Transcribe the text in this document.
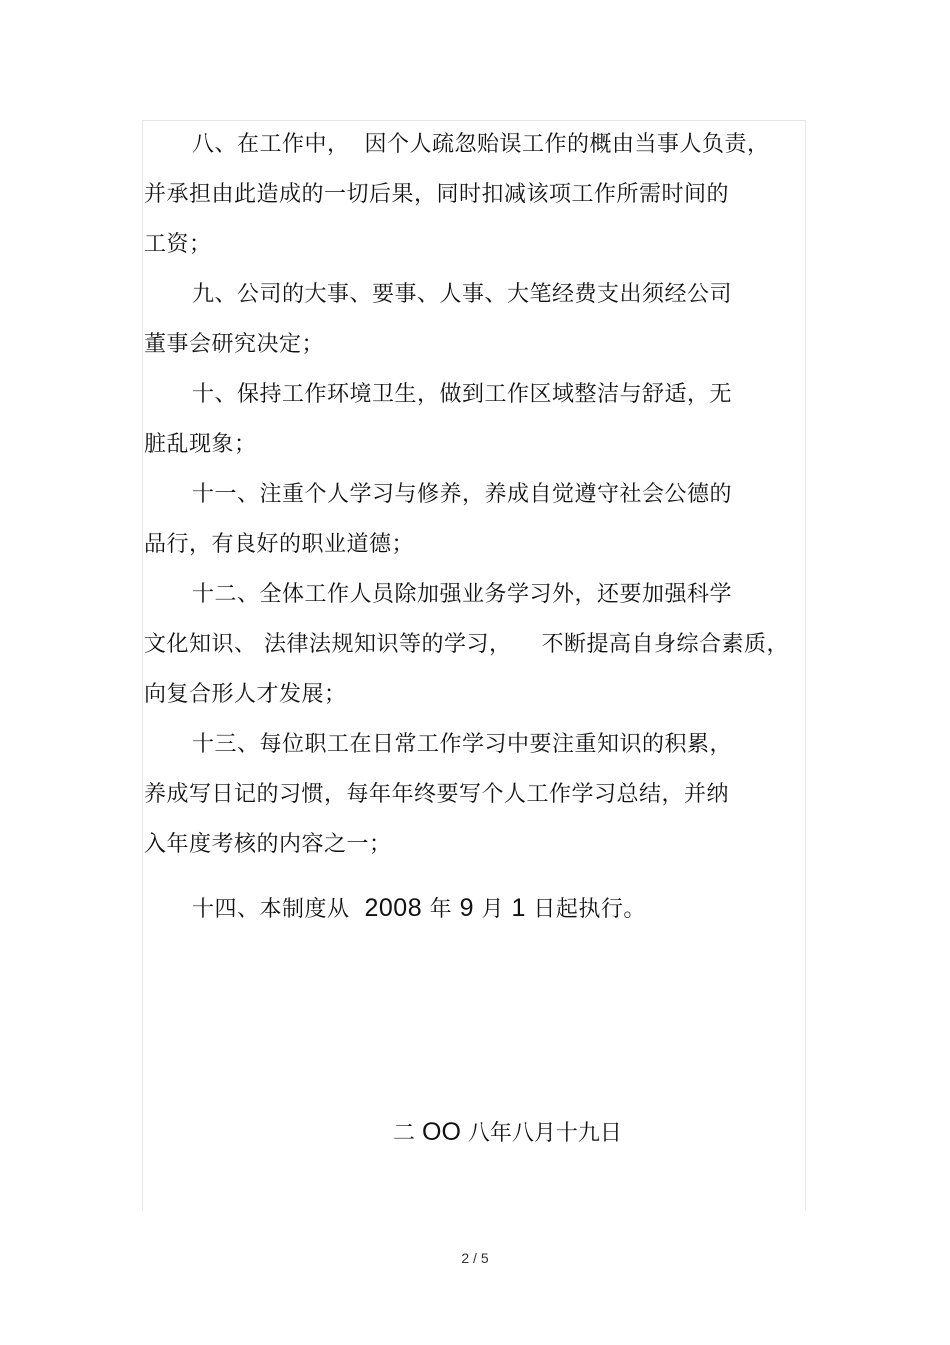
八、在工作中，  因个人疏忽贻误工作的概由当事人负责，
并承担由此造成的一切后果，同时扣减该项工作所需时间的
工资；
九、公司的大事、要事、人事、大笔经费支出须经公司
董事会研究决定；
十、保持工作环境卫生，做到工作区域整洁与舒适，无
脏乱现象；
十一、注重个人学习与修养，养成自觉遵守社会公德的
品行，有良好的职业道德；
十二、全体工作人员除加强业务学习外，还要加强科学
文化知识、 法律法规知识等的学习，    不断提高自身综合素质，
向复合形人才发展；
十三、每位职工在日常工作学习中要注重知识的积累，
养成写日记的习惯，每年年终要写个人工作学习总结，并纳
入年度考核的内容之一；
十四、本制度从  2008 年 9 月 1 日起执行。
二 OO 八年八月十九日
2 / 5
